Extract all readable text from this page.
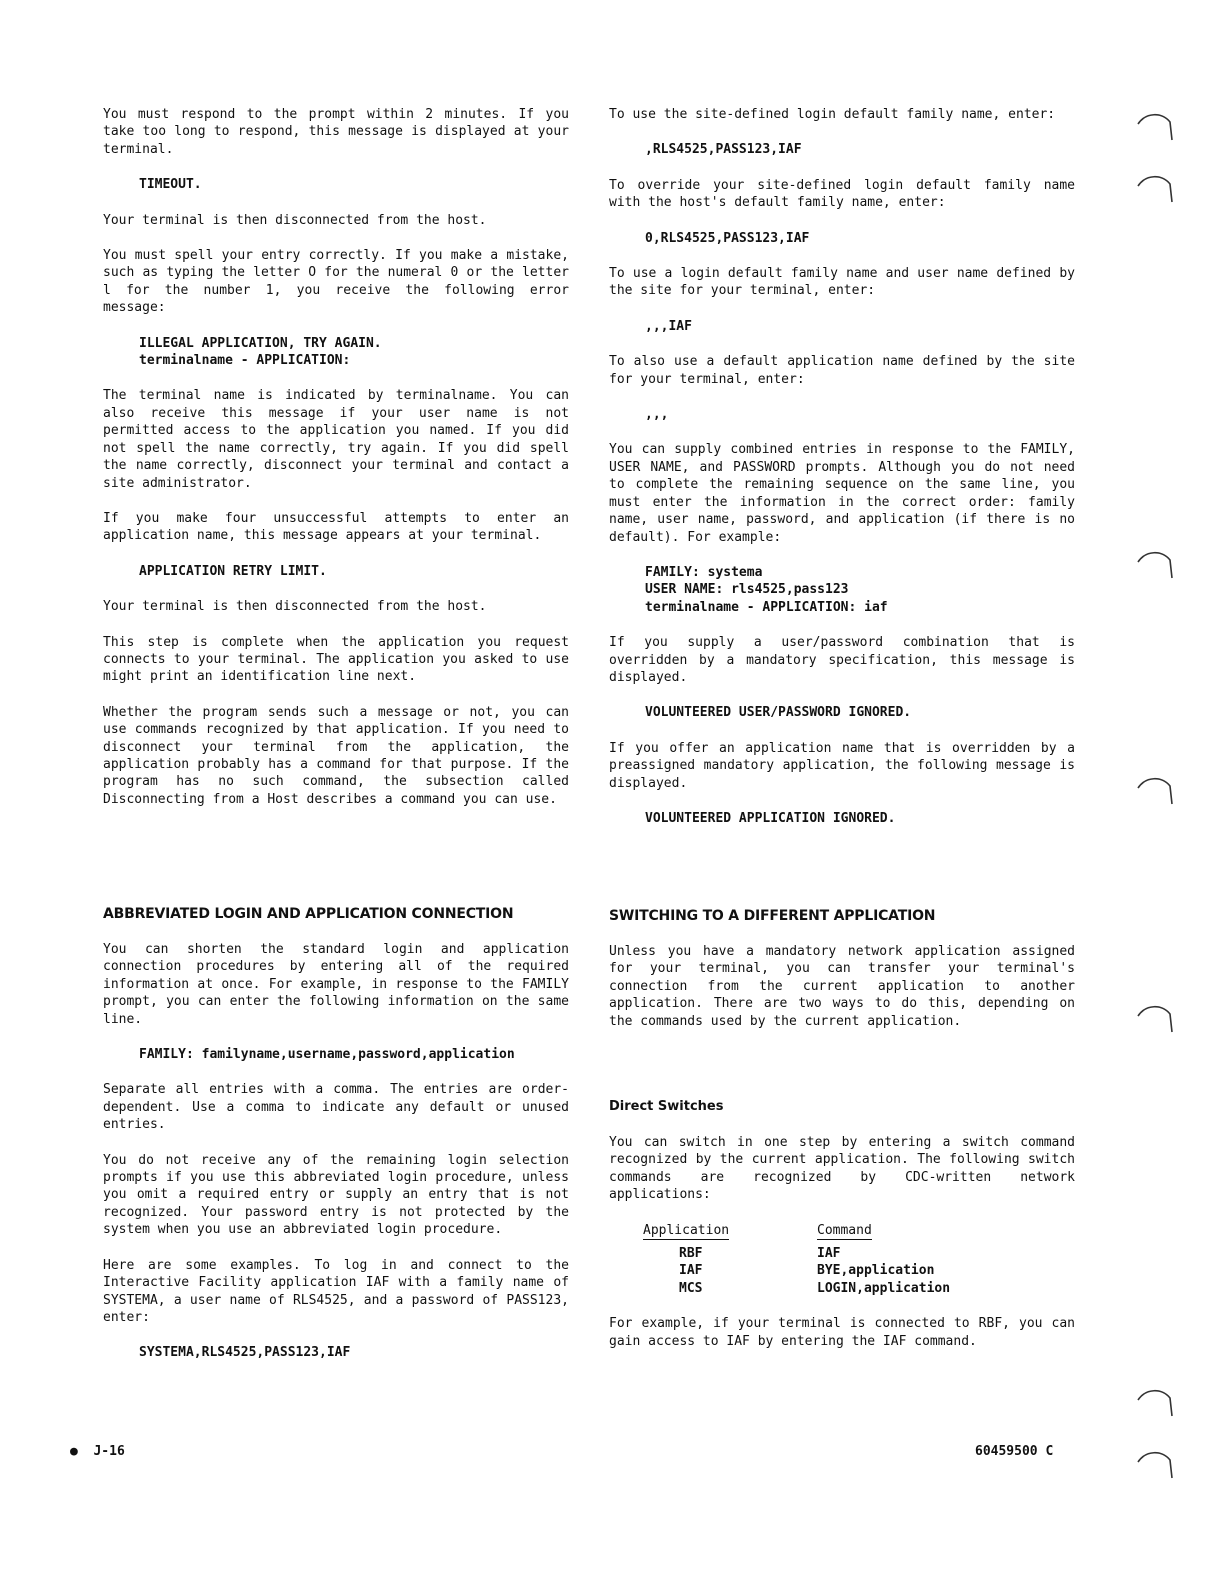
You must respond to the prompt within 2 minutes. If you take too long to respond, this message is displayed at your terminal.

TIMEOUT.

Your terminal is then disconnected from the host.

You must spell your entry correctly. If you make a mistake, such as typing the letter O for the numeral 0 or the letter l for the number 1, you receive the following error message:

ILLEGAL APPLICATION, TRY AGAIN.
terminalname - APPLICATION:

The terminal name is indicated by terminalname. You can also receive this message if your user name is not permitted access to the application you named. If you did not spell the name correctly, try again. If you did spell the name correctly, disconnect your terminal and contact a site administrator.

If you make four unsuccessful attempts to enter an application name, this message appears at your terminal.

APPLICATION RETRY LIMIT.

Your terminal is then disconnected from the host.

This step is complete when the application you request connects to your terminal. The application you asked to use might print an identification line next.

Whether the program sends such a message or not, you can use commands recognized by that application. If you need to disconnect your terminal from the application, the application probably has a command for that purpose. If the program has no such command, the subsection called Disconnecting from a Host describes a command you can use.

ABBREVIATED LOGIN AND APPLICATION CONNECTION

You can shorten the standard login and application connection procedures by entering all of the required information at once. For example, in response to the FAMILY prompt, you can enter the following information on the same line.

FAMILY: familyname,username,password,application

Separate all entries with a comma. The entries are order-dependent. Use a comma to indicate any default or unused entries.

You do not receive any of the remaining login selection prompts if you use this abbreviated login procedure, unless you omit a required entry or supply an entry that is not recognized. Your password entry is not protected by the system when you use an abbreviated login procedure.

Here are some examples. To log in and connect to the Interactive Facility application IAF with a family name of SYSTEMA, a user name of RLS4525, and a password of PASS123, enter:

SYSTEMA,RLS4525,PASS123,IAF

To use the site-defined login default family name, enter:

,RLS4525,PASS123,IAF

To override your site-defined login default family name with the host's default family name, enter:

0,RLS4525,PASS123,IAF

To use a login default family name and user name defined by the site for your terminal, enter:

,,,IAF

To also use a default application name defined by the site for your terminal, enter:

,,,

You can supply combined entries in response to the FAMILY, USER NAME, and PASSWORD prompts. Although you do not need to complete the remaining sequence on the same line, you must enter the information in the correct order: family name, user name, password, and application (if there is no default). For example:

FAMILY: systema
USER NAME: rls4525,pass123
terminalname - APPLICATION: iaf

If you supply a user/password combination that is overridden by a mandatory specification, this message is displayed.

VOLUNTEERED USER/PASSWORD IGNORED.

If you offer an application name that is overridden by a preassigned mandatory application, the following message is displayed.

VOLUNTEERED APPLICATION IGNORED.
SWITCHING TO A DIFFERENT APPLICATION

Unless you have a mandatory network application assigned for your terminal, you can transfer your terminal's connection from the current application to another application. There are two ways to do this, depending on the commands used by the current application.

Direct Switches

You can switch in one step by entering a switch command recognized by the current application. The following switch commands are recognized by CDC-written network applications:

Application	Command
RBF	IAF
IAF	BYE,application
MCS	LOGIN,application

For example, if your terminal is connected to RBF, you can gain access to IAF by entering the IAF command.

●  J-16	60459500 C
